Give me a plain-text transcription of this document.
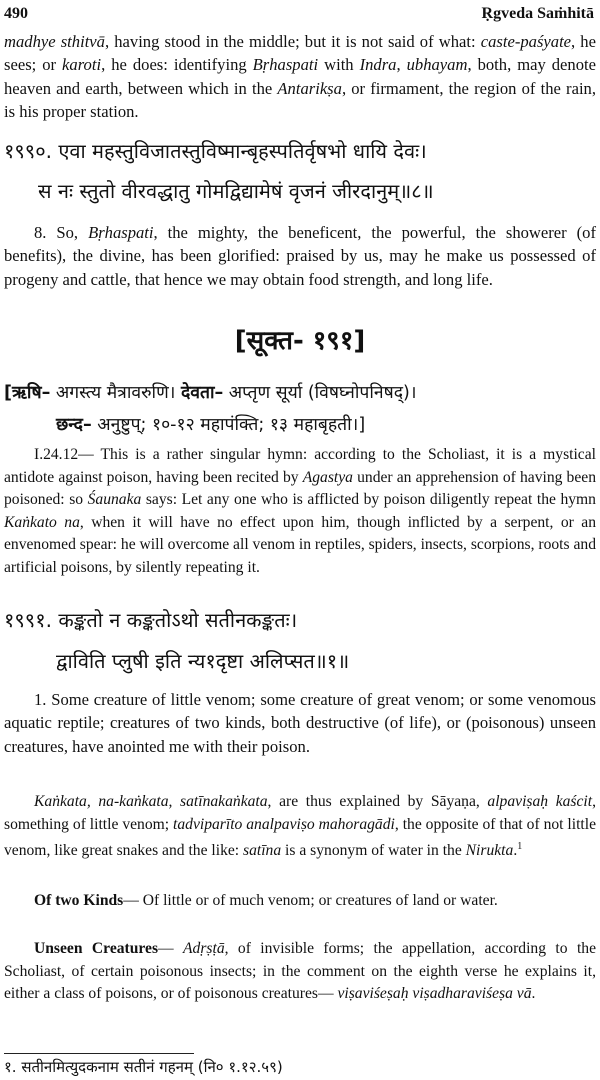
490	Ṛgveda Saṁhitā
madhye sthitvā, having stood in the middle; but it is not said of what: caste-paśyate, he sees; or karoti, he does: identifying Bṛhaspati with Indra, ubhayam, both, may denote heaven and earth, between which in the Antarikṣa, or firmament, the region of the rain, is his proper station.
१९९०. एवा महस्तुविजातस्तुविष्मान्बृहस्पतिर्वृषभो धायि देवः।
स नः स्तुतो वीरवद्धातु गोमद्विद्यामेषं वृजनं जीरदानुम्॥८॥
8. So, Bṛhaspati, the mighty, the beneficent, the powerful, the showerer (of benefits), the divine, has been glorified: praised by us, may he make us possessed of progeny and cattle, that hence we may obtain food strength, and long life.
[सूक्त- १९१]
[ऋषि– अगस्त्य मैत्रावरुणि। देवता– अप्तृण सूर्या (विषघ्नोपनिषद्)।
छन्द– अनुष्टुप्; १०-१२ महापंक्ति; १३ महाबृहती।]
I.24.12— This is a rather singular hymn: according to the Scholiast, it is a mystical antidote against poison, having been recited by Agastya under an apprehension of having been poisoned: so Śaunaka says: Let any one who is afflicted by poison diligently repeat the hymn Kaṅkato na, when it will have no effect upon him, though inflicted by a serpent, or an envenomed spear: he will overcome all venom in reptiles, spiders, insects, scorpions, roots and artificial poisons, by silently repeating it.
१९९१. कङ्कतो न कङ्कतोऽथो सतीनकङ्कतः।
द्वाविति प्लुषी इति न्य१दृष्टा अलिप्सत॥१॥
1. Some creature of little venom; some creature of great venom; or some venomous aquatic reptile; creatures of two kinds, both destructive (of life), or (poisonous) unseen creatures, have anointed me with their poison.
Kaṅkata, na-kaṅkata, satīnakaṅkata, are thus explained by Sāyaṇa, alpaviṣaḥ kaścit, something of little venom; tadviparīto analpaviṣo mahoragādi, the opposite of that of not little venom, like great snakes and the like: satīna is a synonym of water in the Nirukta.$^1$
Of two Kinds— Of little or of much venom; or creatures of land or water.
Unseen Creatures— Adṛṣṭā, of invisible forms; the appellation, according to the Scholiast, of certain poisonous insects; in the comment on the eighth verse he explains it, either a class of poisons, or of poisonous creatures— viṣaviśeṣaḥ viṣadharaviśeṣa vā.
१. सतीनमित्युदकनाम सतीनं गहनम् (नि० १.१२.५९)
